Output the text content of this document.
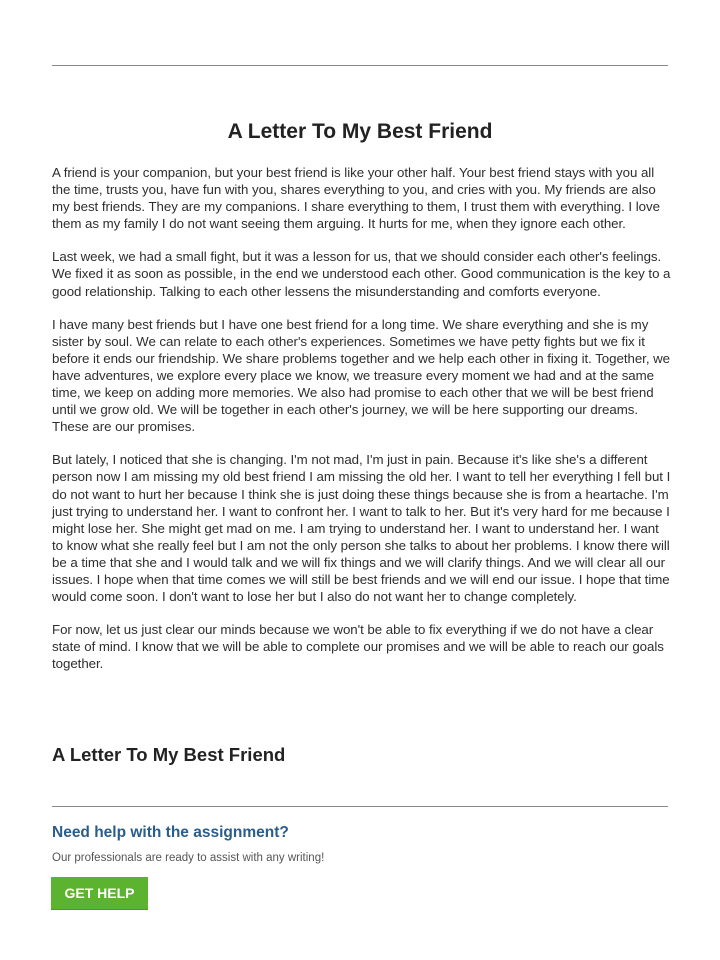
A Letter To My Best Friend

A friend is your companion, but your best friend is like your other half. Your best friend stays with you all the time, trusts you, have fun with you, shares everything to you, and cries with you. My friends are also my best friends. They are my companions. I share everything to them, I trust them with everything. I love them as my family I do not want seeing them arguing. It hurts for me, when they ignore each other.

Last week, we had a small fight, but it was a lesson for us, that we should consider each other's feelings. We fixed it as soon as possible, in the end we understood each other. Good communication is the key to a good relationship. Talking to each other lessens the misunderstanding and comforts everyone.

I have many best friends but I have one best friend for a long time. We share everything and she is my sister by soul. We can relate to each other's experiences. Sometimes we have petty fights but we fix it before it ends our friendship. We share problems together and we help each other in fixing it. Together, we have adventures, we explore every place we know, we treasure every moment we had and at the same time, we keep on adding more memories. We also had promise to each other that we will be best friend until we grow old. We will be together in each other's journey, we will be here supporting our dreams. These are our promises.

But lately, I noticed that she is changing. I'm not mad, I'm just in pain. Because it's like she's a different person now I am missing my old best friend I am missing the old her. I want to tell her everything I fell but I do not want to hurt her because I think she is just doing these things because she is from a heartache. I'm just trying to understand her. I want to confront her. I want to talk to her. But it's very hard for me because I might lose her. She might get mad on me. I am trying to understand her. I want to understand her. I want to know what she really feel but I am not the only person she talks to about her problems. I know there will be a time that she and I would talk and we will fix things and we will clarify things. And we will clear all our issues. I hope when that time comes we will still be best friends and we will end our issue. I hope that time would come soon. I don't want to lose her but I also do not want her to change completely.

For now, let us just clear our minds because we won't be able to fix everything if we do not have a clear state of mind. I know that we will be able to complete our promises and we will be able to reach our goals together.

A Letter To My Best Friend
Need help with the assignment?
Our professionals are ready to assist with any writing!
GET HELP
